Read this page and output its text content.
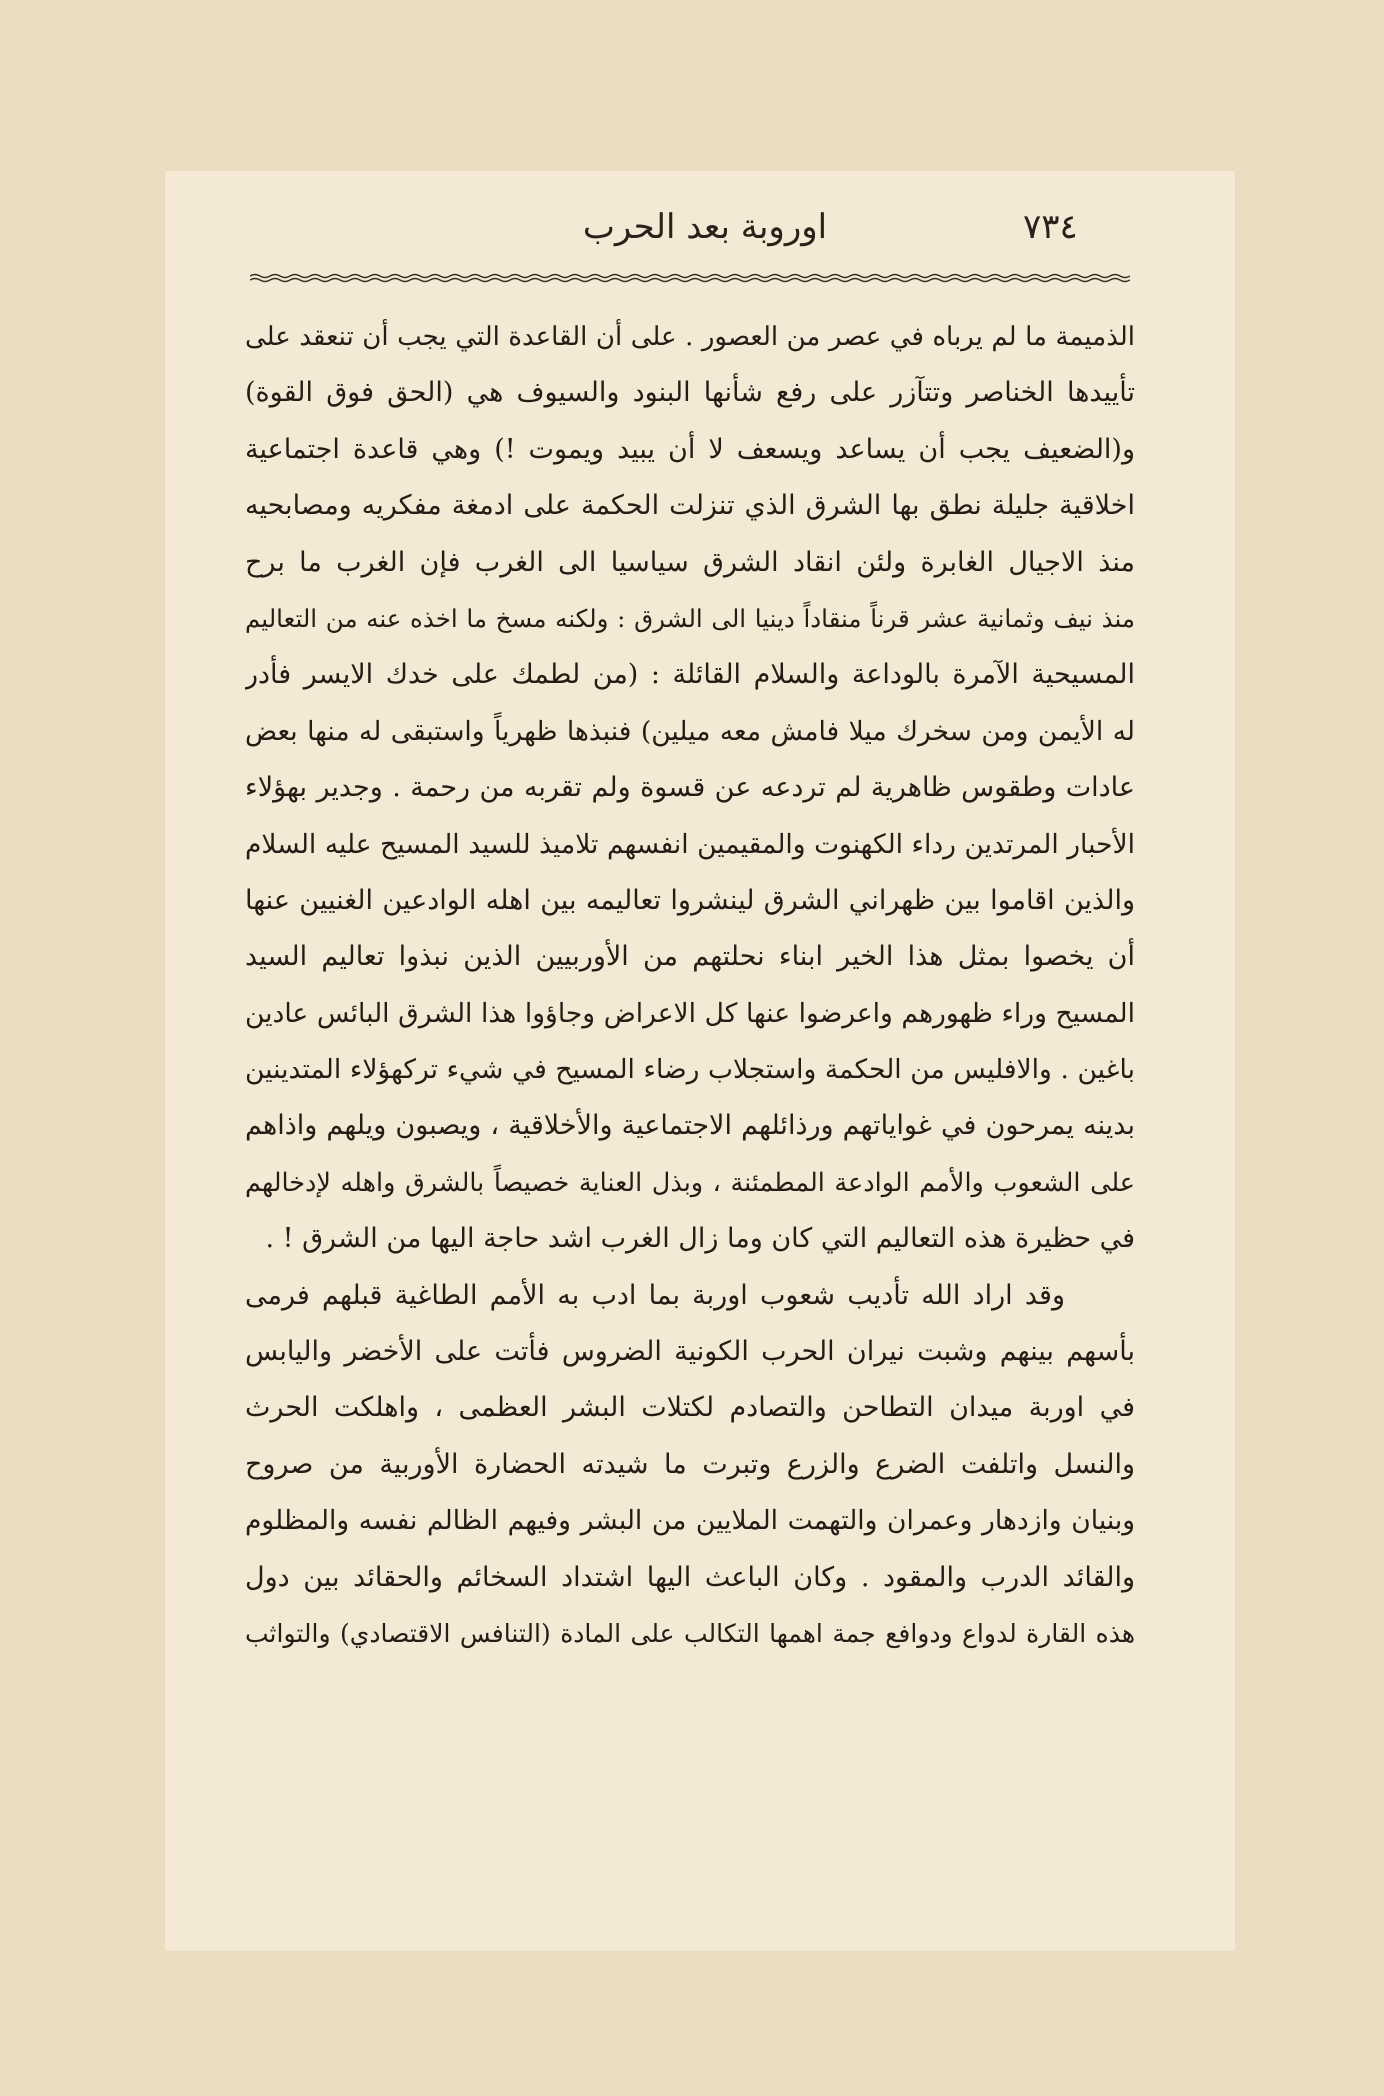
٧٣٤
اوروبة بعد الحرب
الذميمة ما لم يرباه في عصر من العصور . على أن القاعدة التي يجب أن تنعقد على
تأييدها الخناصر وتتآزر على رفع شأنها البنود والسيوف هي (الحق فوق القوة)
و(الضعيف يجب أن يساعد ويسعف لا أن يبيد ويموت !) وهي قاعدة اجتماعية
اخلاقية جليلة نطق بها الشرق الذي تنزلت الحكمة على ادمغة مفكريه ومصابحيه
منذ الاجيال الغابرة ولئن انقاد الشرق سياسيا الى الغرب فإن الغرب ما برح
منذ نيف وثمانية عشر قرناً منقاداً دينيا الى الشرق : ولكنه مسخ ما اخذه عنه من التعاليم
المسيحية الآمرة بالوداعة والسلام القائلة : (من لطمك على خدك الايسر فأدر
له الأيمن ومن سخرك ميلا فامش معه ميلين) فنبذها ظهرياً واستبقى له منها بعض
عادات وطقوس ظاهرية لم تردعه عن قسوة ولم تقربه من رحمة . وجدير بهؤلاء
الأحبار المرتدين رداء الكهنوت والمقيمين انفسهم تلاميذ للسيد المسيح عليه السلام
والذين اقاموا بين ظهراني الشرق لينشروا تعاليمه بين اهله الوادعين الغنيين عنها
أن يخصوا بمثل هذا الخير ابناء نحلتهم من الأوربيين الذين نبذوا تعاليم السيد
المسيح وراء ظهورهم واعرضوا عنها كل الاعراض وجاؤوا هذا الشرق البائس عادين
باغين . والافليس من الحكمة واستجلاب رضاء المسيح في شيء تركهؤلاء المتدينين
بدينه يمرحون في غواياتهم ورذائلهم الاجتماعية والأخلاقية ، ويصبون ويلهم واذاهم
على الشعوب والأمم الوادعة المطمئنة ، وبذل العناية خصيصاً بالشرق واهله لإدخالهم
في حظيرة هذه التعاليم التي كان وما زال الغرب اشد حاجة اليها من الشرق ! .
وقد اراد الله تأديب شعوب اوربة بما ادب به الأمم الطاغية قبلهم فرمى
بأسهم بينهم وشبت نيران الحرب الكونية الضروس فأتت على الأخضر واليابس
في اوربة ميدان التطاحن والتصادم لكتلات البشر العظمى ، واهلكت الحرث
والنسل واتلفت الضرع والزرع وتبرت ما شيدته الحضارة الأوربية من صروح
وبنيان وازدهار وعمران والتهمت الملايين من البشر وفيهم الظالم نفسه والمظلوم
والقائد الدرب والمقود . وكان الباعث اليها اشتداد السخائم والحقائد بين دول
هذه القارة لدواع ودوافع جمة اهمها التكالب على المادة (التنافس الاقتصادي) والتواثب
